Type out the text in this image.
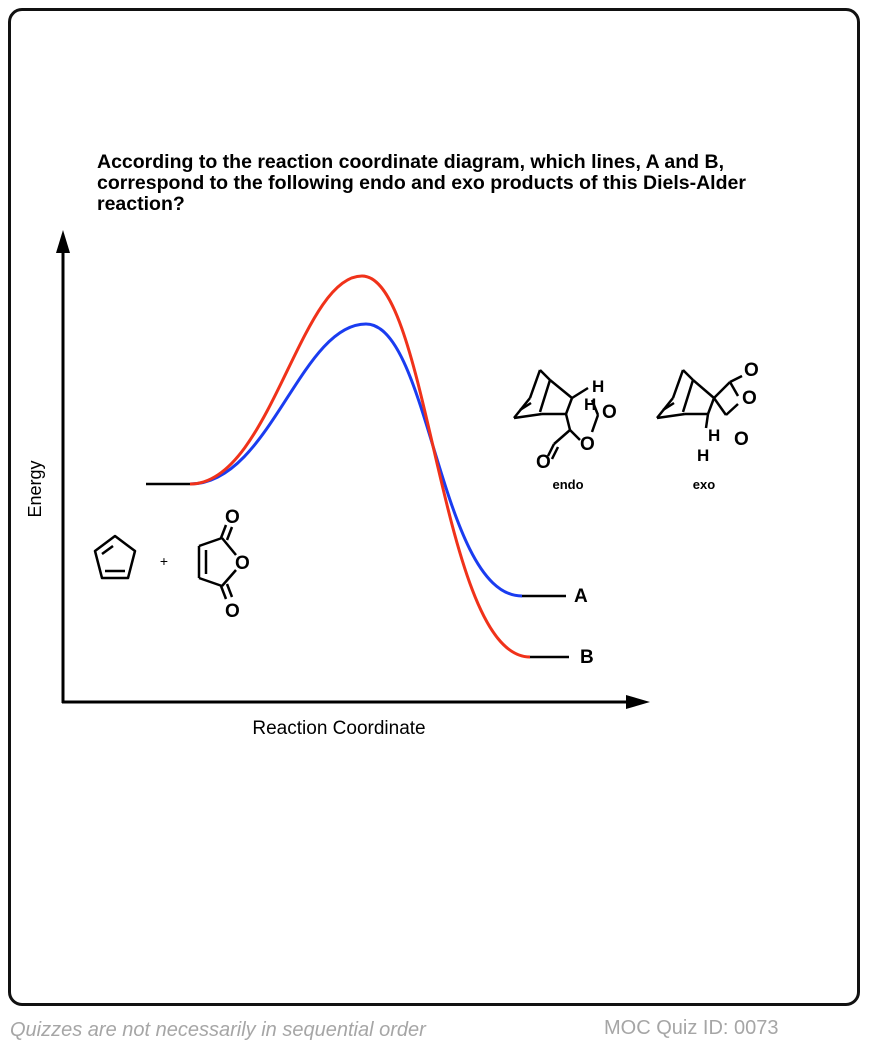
According to the reaction coordinate diagram, which lines, A and B, correspond to the following endo and exo products of this Diels-Alder reaction?

Energy
Reaction Coordinate
A
B
+
O
O
O
H
H O
O
O
endo
O
O
O
H
H
exo
Quizzes are not necessarily in sequential order	MOC Quiz ID: 0073
